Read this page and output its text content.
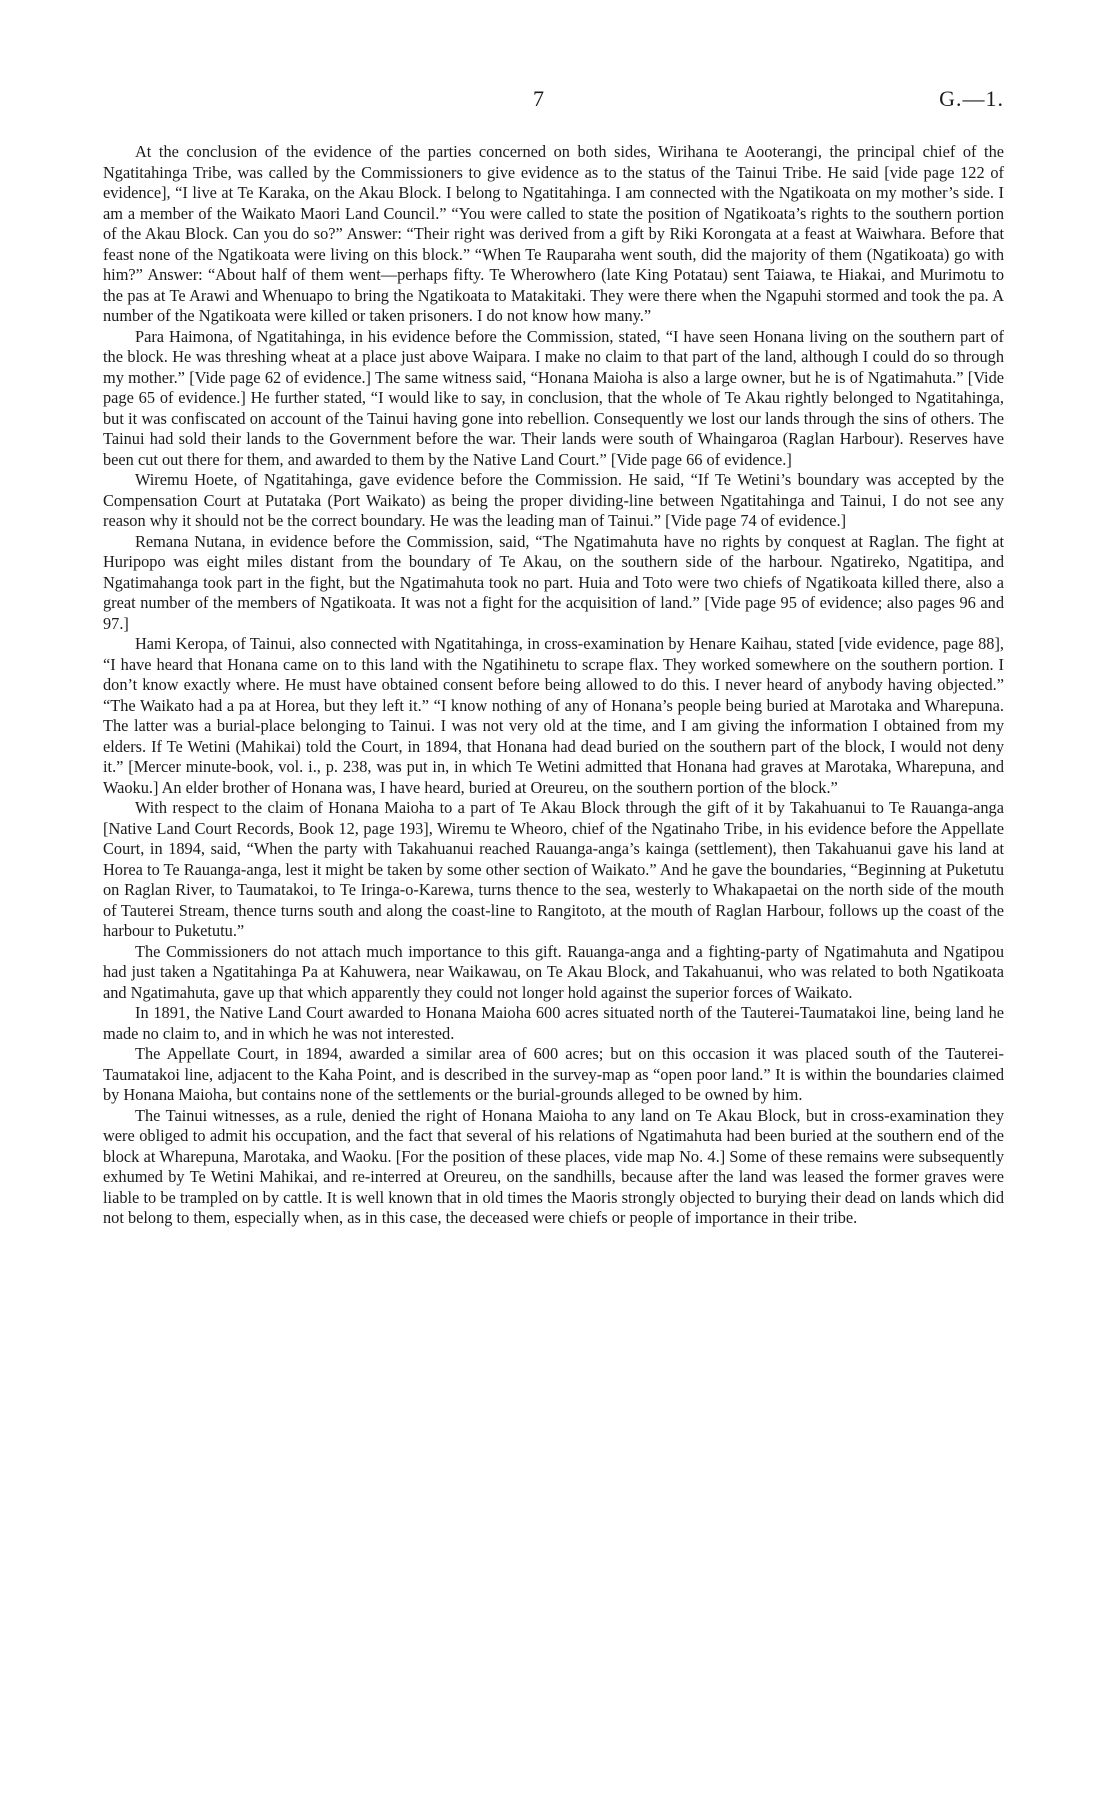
7	G.—1.

At the conclusion of the evidence of the parties concerned on both sides, Wirihana te Aooterangi, the principal chief of the Ngatitahinga Tribe, was called by the Commissioners to give evidence as to the status of the Tainui Tribe. He said [vide page 122 of evidence], “I live at Te Karaka, on the Akau Block. I belong to Ngatitahinga. I am connected with the Ngatikoata on my mother’s side. I am a member of the Waikato Maori Land Council.” “You were called to state the position of Ngatikoata’s rights to the southern portion of the Akau Block. Can you do so?” Answer: “Their right was derived from a gift by Riki Korongata at a feast at Waiwhara. Before that feast none of the Ngatikoata were living on this block.” “When Te Rauparaha went south, did the majority of them (Ngatikoata) go with him?” Answer: “About half of them went—perhaps fifty. Te Wherowhero (late King Potatau) sent Taiawa, te Hiakai, and Murimotu to the pas at Te Arawi and Whenuapo to bring the Ngatikoata to Matakitaki. They were there when the Ngapuhi stormed and took the pa. A number of the Ngatikoata were killed or taken prisoners. I do not know how many.”

Para Haimona, of Ngatitahinga, in his evidence before the Commission, stated, “I have seen Honana living on the southern part of the block. He was threshing wheat at a place just above Waipara. I make no claim to that part of the land, although I could do so through my mother.” [Vide page 62 of evidence.] The same witness said, “Honana Maioha is also a large owner, but he is of Ngatimahuta.” [Vide page 65 of evidence.] He further stated, “I would like to say, in conclusion, that the whole of Te Akau rightly belonged to Ngatitahinga, but it was confiscated on account of the Tainui having gone into rebellion. Consequently we lost our lands through the sins of others. The Tainui had sold their lands to the Government before the war. Their lands were south of Whaingaroa (Raglan Harbour). Reserves have been cut out there for them, and awarded to them by the Native Land Court.” [Vide page 66 of evidence.]

Wiremu Hoete, of Ngatitahinga, gave evidence before the Commission. He said, “If Te Wetini’s boundary was accepted by the Compensation Court at Putataka (Port Waikato) as being the proper dividing-line between Ngatitahinga and Tainui, I do not see any reason why it should not be the correct boundary. He was the leading man of Tainui.” [Vide page 74 of evidence.]

Remana Nutana, in evidence before the Commission, said, “The Ngatimahuta have no rights by conquest at Raglan. The fight at Huripopo was eight miles distant from the boundary of Te Akau, on the southern side of the harbour. Ngatireko, Ngatitipa, and Ngatimahanga took part in the fight, but the Ngatimahuta took no part. Huia and Toto were two chiefs of Ngatikoata killed there, also a great number of the members of Ngatikoata. It was not a fight for the acquisition of land.” [Vide page 95 of evidence; also pages 96 and 97.]

Hami Keropa, of Tainui, also connected with Ngatitahinga, in cross-examination by Henare Kaihau, stated [vide evidence, page 88], “I have heard that Honana came on to this land with the Ngatihinetu to scrape flax. They worked somewhere on the southern portion. I don’t know exactly where. He must have obtained consent before being allowed to do this. I never heard of anybody having objected.” “The Waikato had a pa at Horea, but they left it.” “I know nothing of any of Honana’s people being buried at Marotaka and Wharepuna. The latter was a burial-place belonging to Tainui. I was not very old at the time, and I am giving the information I obtained from my elders. If Te Wetini (Mahikai) told the Court, in 1894, that Honana had dead buried on the southern part of the block, I would not deny it.” [Mercer minute-book, vol. i., p. 238, was put in, in which Te Wetini admitted that Honana had graves at Marotaka, Wharepuna, and Waoku.] An elder brother of Honana was, I have heard, buried at Oreureu, on the southern portion of the block.”

With respect to the claim of Honana Maioha to a part of Te Akau Block through the gift of it by Takahuanui to Te Rauanga-anga [Native Land Court Records, Book 12, page 193], Wiremu te Wheoro, chief of the Ngatinaho Tribe, in his evidence before the Appellate Court, in 1894, said, “When the party with Takahuanui reached Rauanga-anga’s kainga (settlement), then Takahuanui gave his land at Horea to Te Rauanga-anga, lest it might be taken by some other section of Waikato.” And he gave the boundaries, “Beginning at Puketutu on Raglan River, to Taumatakoi, to Te Iringa-o-Karewa, turns thence to the sea, westerly to Whakapaetai on the north side of the mouth of Tauterei Stream, thence turns south and along the coast-line to Rangitoto, at the mouth of Raglan Harbour, follows up the coast of the harbour to Puketutu.”

The Commissioners do not attach much importance to this gift. Rauanga-anga and a fighting-party of Ngatimahuta and Ngatipou had just taken a Ngatitahinga Pa at Kahuwera, near Waikawau, on Te Akau Block, and Takahuanui, who was related to both Ngatikoata and Ngatimahuta, gave up that which apparently they could not longer hold against the superior forces of Waikato.

In 1891, the Native Land Court awarded to Honana Maioha 600 acres situated north of the Tauterei-Taumatakoi line, being land he made no claim to, and in which he was not interested.

The Appellate Court, in 1894, awarded a similar area of 600 acres; but on this occasion it was placed south of the Tauterei-Taumatakoi line, adjacent to the Kaha Point, and is described in the survey-map as “open poor land.” It is within the boundaries claimed by Honana Maioha, but contains none of the settlements or the burial-grounds alleged to be owned by him.

The Tainui witnesses, as a rule, denied the right of Honana Maioha to any land on Te Akau Block, but in cross-examination they were obliged to admit his occupation, and the fact that several of his relations of Ngatimahuta had been buried at the southern end of the block at Wharepuna, Marotaka, and Waoku. [For the position of these places, vide map No. 4.] Some of these remains were subsequently exhumed by Te Wetini Mahikai, and re-interred at Oreureu, on the sandhills, because after the land was leased the former graves were liable to be trampled on by cattle. It is well known that in old times the Maoris strongly objected to burying their dead on lands which did not belong to them, especially when, as in this case, the deceased were chiefs or people of importance in their tribe.
